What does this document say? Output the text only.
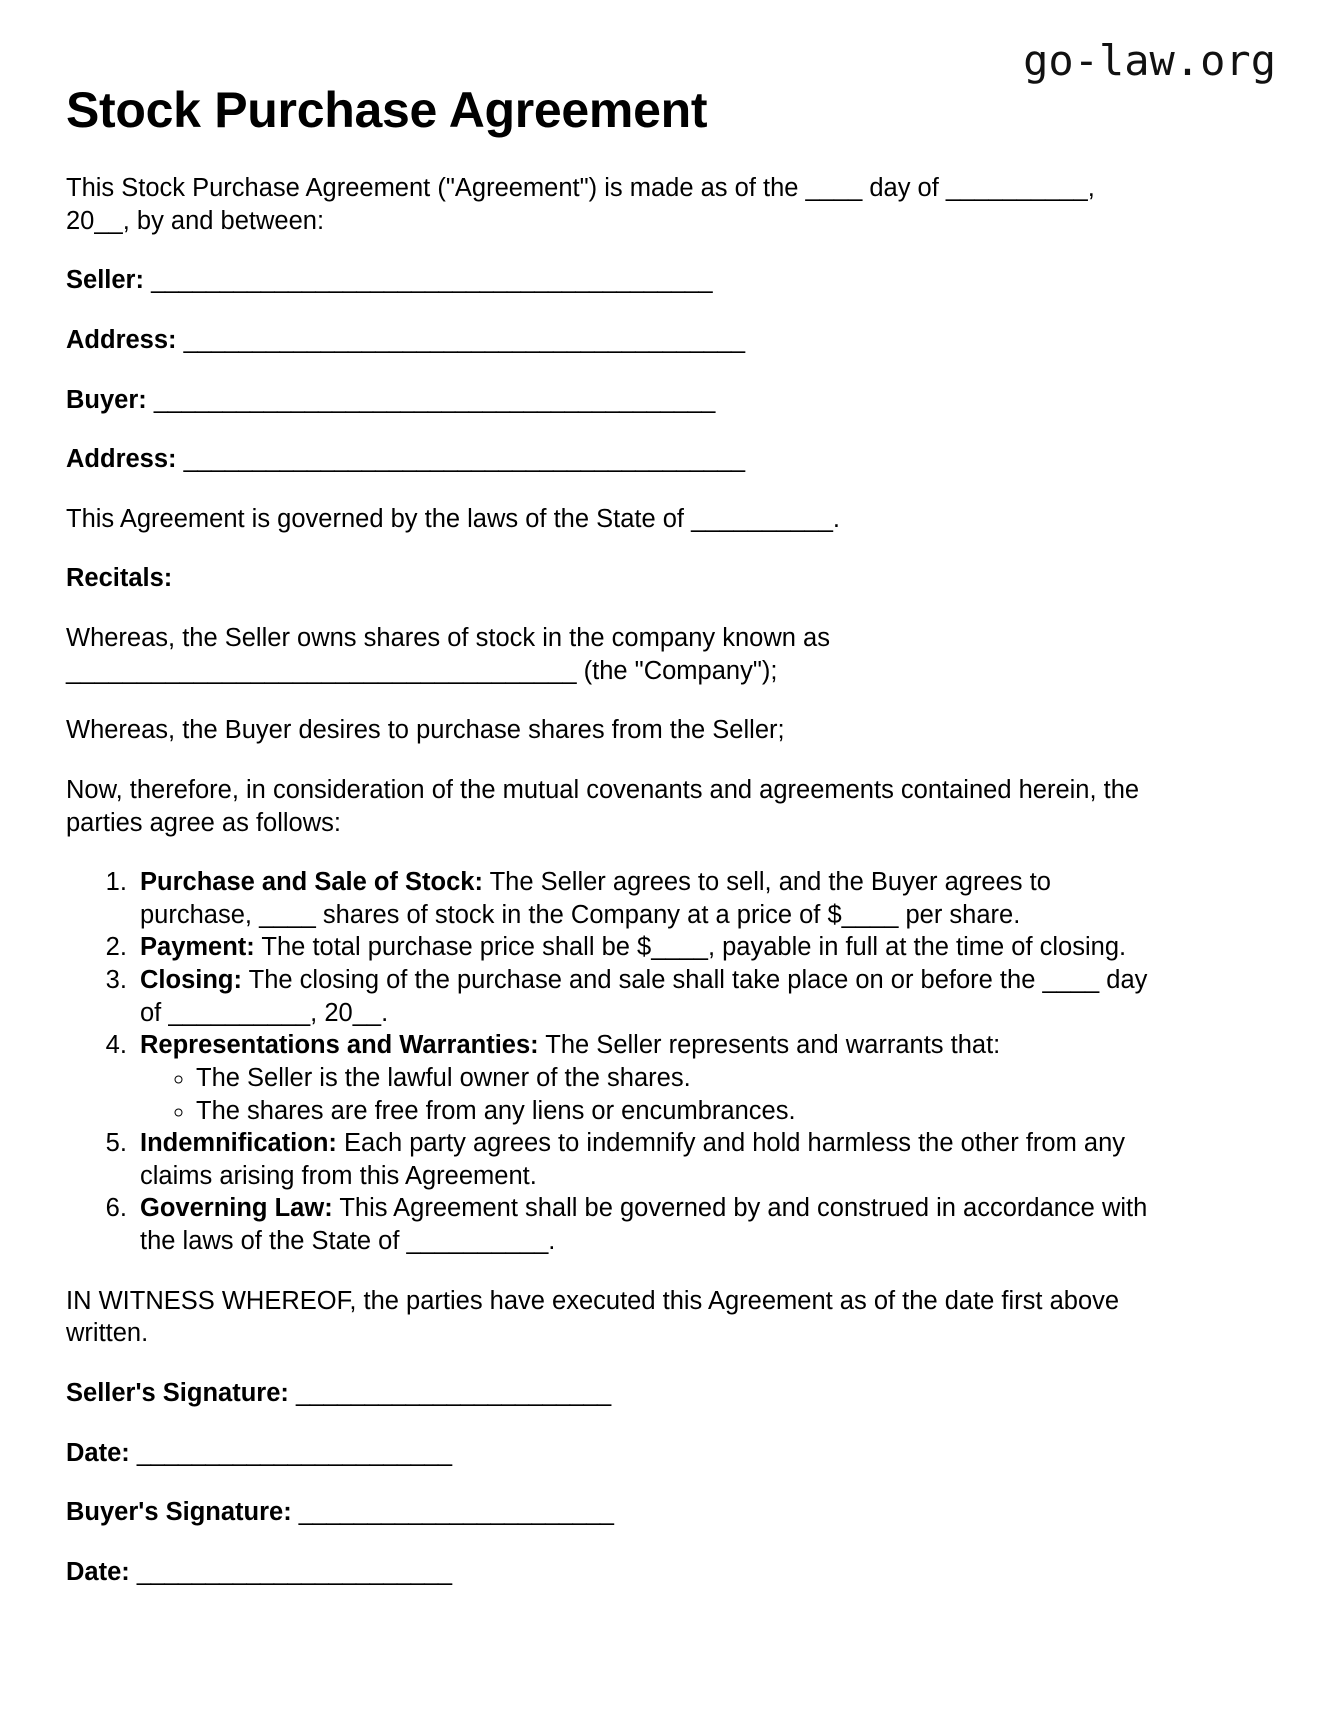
go-law.org
Stock Purchase Agreement

This Stock Purchase Agreement ("Agreement") is made as of the ____ day of __________, 20__, by and between:

Seller: _________________________________________

Address: _________________________________________

Buyer: _________________________________________

Address: _________________________________________

This Agreement is governed by the laws of the State of __________.

Recitals:

Whereas, the Seller owns shares of stock in the company known as ____________________________________ (the "Company");

Whereas, the Buyer desires to purchase shares from the Seller;

Now, therefore, in consideration of the mutual covenants and agreements contained herein, the parties agree as follows:

1. Purchase and Sale of Stock: The Seller agrees to sell, and the Buyer agrees to purchase, ____ shares of stock in the Company at a price of $____ per share.
2. Payment: The total purchase price shall be $____, payable in full at the time of closing.
3. Closing: The closing of the purchase and sale shall take place on or before the ____ day of __________, 20__.
4. Representations and Warranties: The Seller represents and warrants that:
◦ The Seller is the lawful owner of the shares.
◦ The shares are free from any liens or encumbrances.
5. Indemnification: Each party agrees to indemnify and hold harmless the other from any claims arising from this Agreement.
6. Governing Law: This Agreement shall be governed by and construed in accordance with the laws of the State of __________.

IN WITNESS WHEREOF, the parties have executed this Agreement as of the date first above written.

Seller's Signature: _______________________

Date: _______________________

Buyer's Signature: _______________________

Date: _______________________
